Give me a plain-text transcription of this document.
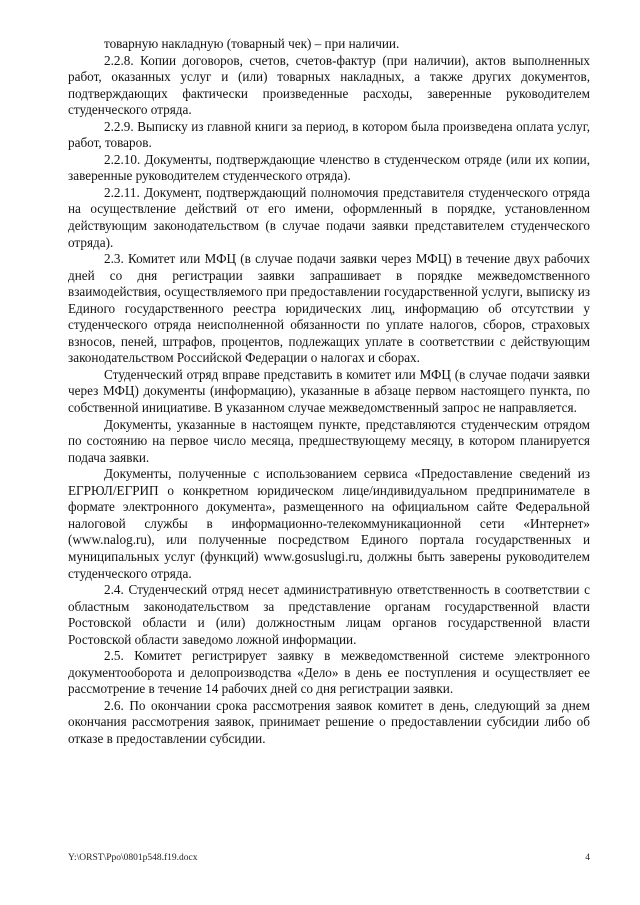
товарную накладную (товарный чек) – при наличии.

2.2.8. Копии договоров, счетов, счетов-фактур (при наличии), актов выполненных работ, оказанных услуг и (или) товарных накладных, а также других документов, подтверждающих фактически произведенные расходы, заверенные руководителем студенческого отряда.

2.2.9. Выписку из главной книги за период, в котором была произведена оплата услуг, работ, товаров.

2.2.10. Документы, подтверждающие членство в студенческом отряде (или их копии, заверенные руководителем студенческого отряда).

2.2.11. Документ, подтверждающий полномочия представителя студенческого отряда на осуществление действий от его имени, оформленный в порядке, установленном действующим законодательством (в случае подачи заявки представителем студенческого отряда).

2.3. Комитет или МФЦ (в случае подачи заявки через МФЦ) в течение двух рабочих дней со дня регистрации заявки запрашивает в порядке межведомственного взаимодействия, осуществляемого при предоставлении государственной услуги, выписку из Единого государственного реестра юридических лиц, информацию об отсутствии у студенческого отряда неисполненной обязанности по уплате налогов, сборов, страховых взносов, пеней, штрафов, процентов, подлежащих уплате в соответствии с действующим законодательством Российской Федерации о налогах и сборах.

Студенческий отряд вправе представить в комитет или МФЦ (в случае подачи заявки через МФЦ) документы (информацию), указанные в абзаце первом настоящего пункта, по собственной инициативе. В указанном случае межведомственный запрос не направляется.

Документы, указанные в настоящем пункте, представляются студенческим отрядом по состоянию на первое число месяца, предшествующему месяцу, в котором планируется подача заявки.

Документы, полученные с использованием сервиса «Предоставление сведений из ЕГРЮЛ/ЕГРИП о конкретном юридическом лице/индивидуальном предпринимателе в формате электронного документа», размещенного на официальном сайте Федеральной налоговой службы в информационно-телекоммуникационной сети «Интернет» (www.nalog.ru), или полученные посредством Единого портала государственных и муниципальных услуг (функций) www.gosuslugi.ru, должны быть заверены руководителем студенческого отряда.

2.4. Студенческий отряд несет административную ответственность в соответствии с областным законодательством за представление органам государственной власти Ростовской области и (или) должностным лицам органов государственной власти Ростовской области заведомо ложной информации.

2.5. Комитет регистрирует заявку в межведомственной системе электронного документооборота и делопроизводства «Дело» в день ее поступления и осуществляет ее рассмотрение в течение 14 рабочих дней со дня регистрации заявки.

2.6. По окончании срока рассмотрения заявок комитет в день, следующий за днем окончания рассмотрения заявок, принимает решение о предоставлении субсидии либо об отказе в предоставлении субсидии.

Y:\ORST\Ppo\0801p548.f19.docx	4
